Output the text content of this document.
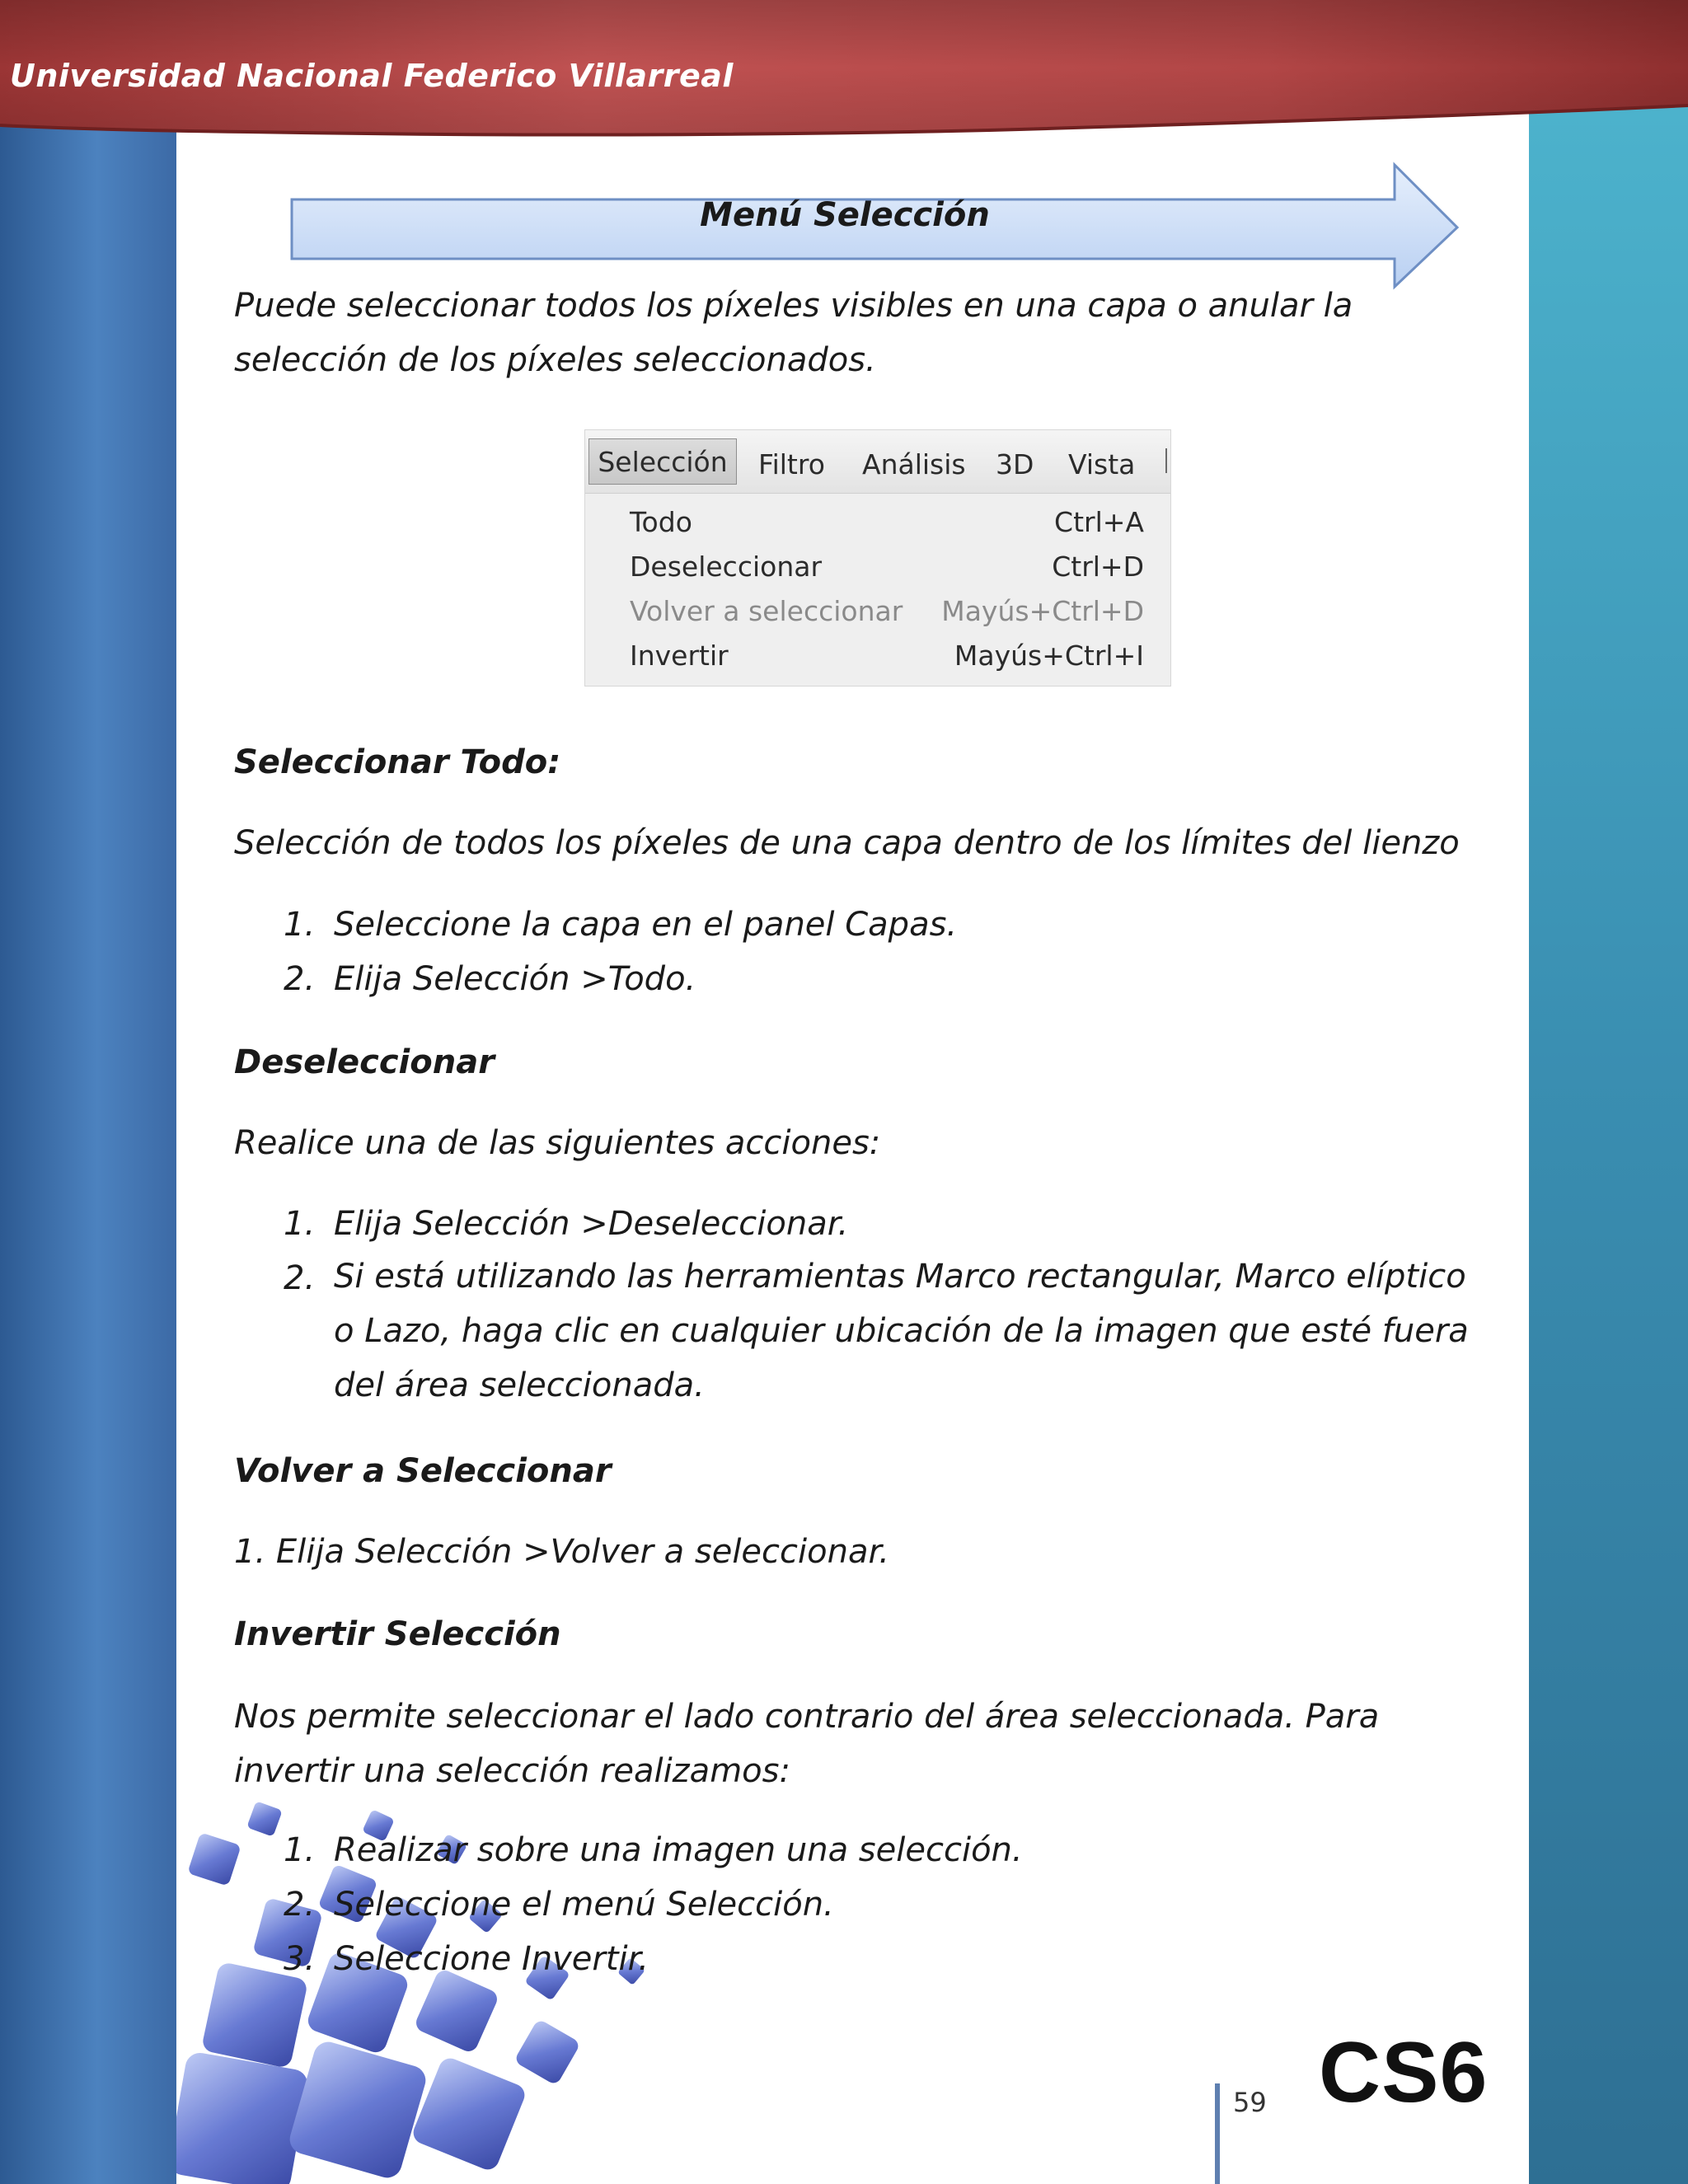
Universidad Nacional Federico Villarreal
Menú Selección
Puede seleccionar todos los píxeles visibles en una capa o anular la selección de los píxeles seleccionados.
Selección	Filtro Análisis 3D Vista
Todo	Ctrl+A
Deseleccionar	Ctrl+D
Volver a seleccionar Mayús+Ctrl+D
Invertir	Mayús+Ctrl+I
Seleccionar Todo:
Selección de todos los píxeles de una capa dentro de los límites del lienzo
1. Seleccione la capa en el panel Capas.
2. Elija Selección >Todo.
Deseleccionar
Realice una de las siguientes acciones:
1. Elija Selección >Deseleccionar.
2. Si está utilizando las herramientas Marco rectangular, Marco elíptico o Lazo, haga clic en cualquier ubicación de la imagen que esté fuera del área seleccionada.
Volver a Seleccionar
1. Elija Selección >Volver a seleccionar.
Invertir Selección
Nos permite seleccionar el lado contrario del área seleccionada. Para invertir una selección realizamos:
1. Realizar sobre una imagen una selección.
2. Seleccione el menú Selección.
3. Seleccione Invertir.
59 CS6
